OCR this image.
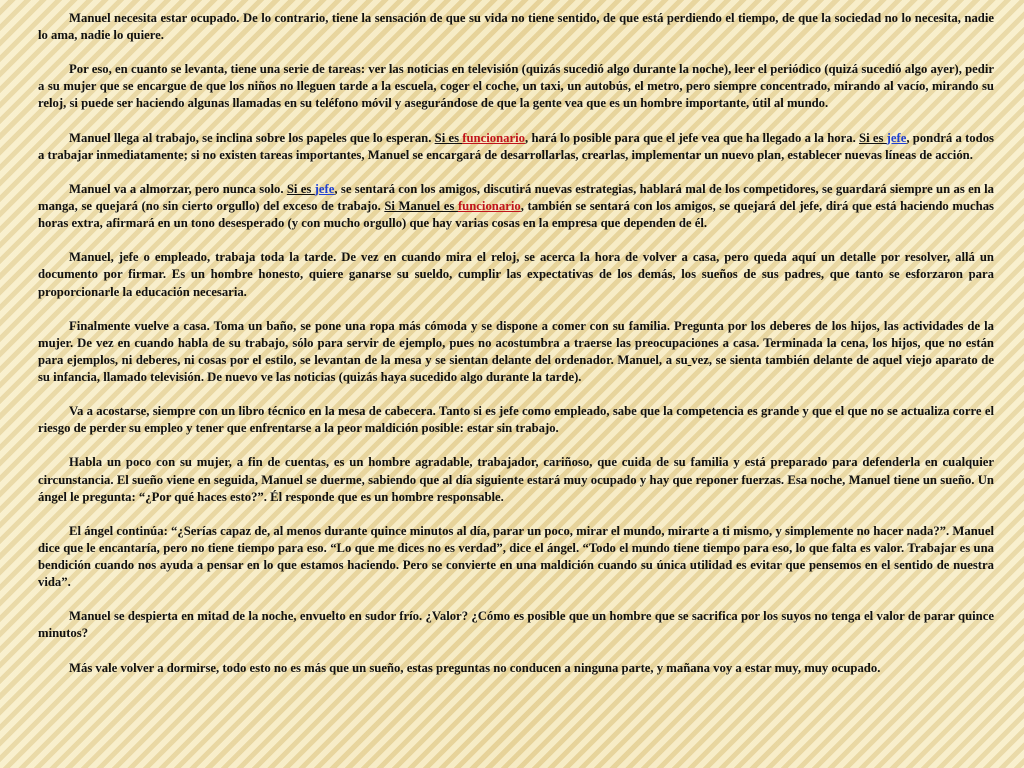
Manuel necesita estar ocupado. De lo contrario, tiene la sensación de que su vida no tiene sentido, de que está perdiendo el tiempo, de que la sociedad no lo necesita, nadie lo ama, nadie lo quiere.

Por eso, en cuanto se levanta, tiene una serie de tareas: ver las noticias en televisión (quizás sucedió algo durante la noche), leer el periódico (quizá sucedió algo ayer), pedir a su mujer que se encargue de que los niños no lleguen tarde a la escuela, coger el coche, un taxi, un autobús, el metro, pero siempre concentrado, mirando al vacío, mirando su reloj, si puede ser haciendo algunas llamadas en su teléfono móvil y asegurándose de que la gente vea que es un hombre importante, útil al mundo.

Manuel llega al trabajo, se inclina sobre los papeles que lo esperan. Si es funcionario, hará lo posible para que el jefe vea que ha llegado a la hora. Si es jefe, pondrá a todos a trabajar inmediatamente; si no existen tareas importantes, Manuel se encargará de desarrollarlas, crearlas, implementar un nuevo plan, establecer nuevas líneas de acción.

Manuel va a almorzar, pero nunca solo. Si es jefe, se sentará con los amigos, discutirá nuevas estrategias, hablará mal de los competidores, se guardará siempre un as en la manga, se quejará (no sin cierto orgullo) del exceso de trabajo. Si Manuel es funcionario, también se sentará con los amigos, se quejará del jefe, dirá que está haciendo muchas horas extra, afirmará en un tono desesperado (y con mucho orgullo) que hay varias cosas en la empresa que dependen de él.

Manuel, jefe o empleado, trabaja toda la tarde. De vez en cuando mira el reloj, se acerca la hora de volver a casa, pero queda aquí un detalle por resolver, allá un documento por firmar. Es un hombre honesto, quiere ganarse su sueldo, cumplir las expectativas de los demás, los sueños de sus padres, que tanto se esforzaron para proporcionarle la educación necesaria.

Finalmente vuelve a casa. Toma un baño, se pone una ropa más cómoda y se dispone a comer con su familia. Pregunta por los deberes de los hijos, las actividades de la mujer. De vez en cuando habla de su trabajo, sólo para servir de ejemplo, pues no acostumbra a traerse las preocupaciones a casa. Terminada la cena, los hijos, que no están para ejemplos, ni deberes, ni cosas por el estilo, se levantan de la mesa y se sientan delante del ordenador. Manuel, a su vez, se sienta también delante de aquel viejo aparato de su infancia, llamado televisión. De nuevo ve las noticias (quizás haya sucedido algo durante la tarde).

Va a acostarse, siempre con un libro técnico en la mesa de cabecera. Tanto si es jefe como empleado, sabe que la competencia es grande y que el que no se actualiza corre el riesgo de perder su empleo y tener que enfrentarse a la peor maldición posible: estar sin trabajo.

Habla un poco con su mujer, a fin de cuentas, es un hombre agradable, trabajador, cariñoso, que cuida de su familia y está preparado para defenderla en cualquier circunstancia. El sueño viene en seguida, Manuel se duerme, sabiendo que al día siguiente estará muy ocupado y hay que reponer fuerzas. Esa noche, Manuel tiene un sueño. Un ángel le pregunta: “¿Por qué haces esto?”. Él responde que es un hombre responsable.

El ángel continúa: “¿Serías capaz de, al menos durante quince minutos al día, parar un poco, mirar el mundo, mirarte a ti mismo, y simplemente no hacer nada?”. Manuel dice que le encantaría, pero no tiene tiempo para eso. “Lo que me dices no es verdad”, dice el ángel. “Todo el mundo tiene tiempo para eso, lo que falta es valor. Trabajar es una bendición cuando nos ayuda a pensar en lo que estamos haciendo. Pero se convierte en una maldición cuando su única utilidad es evitar que pensemos en el sentido de nuestra vida”.

Manuel se despierta en mitad de la noche, envuelto en sudor frío. ¿Valor? ¿Cómo es posible que un hombre que se sacrifica por los suyos no tenga el valor de parar quince minutos?

Más vale volver a dormirse, todo esto no es más que un sueño, estas preguntas no conducen a ninguna parte, y mañana voy a estar muy, muy ocupado.
